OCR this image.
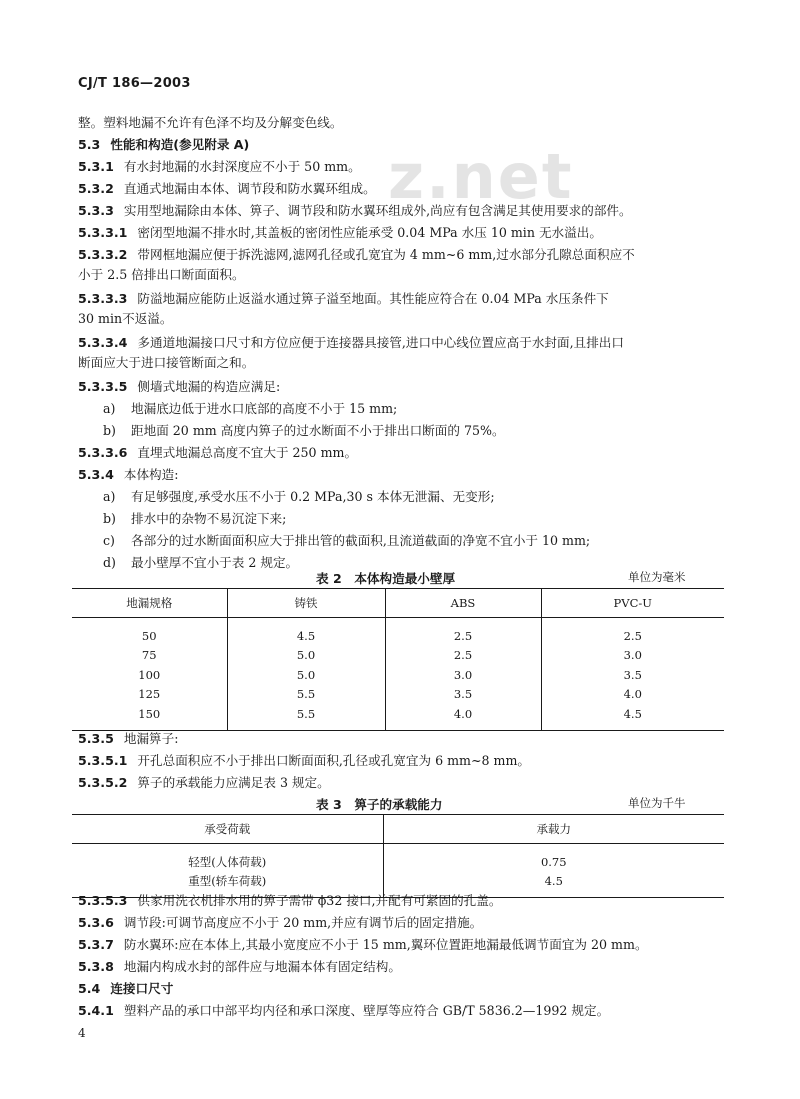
CJ/T 186—2003
z.net
整。塑料地漏不允许有色泽不均及分解变色线。
5.3 性能和构造(参见附录 A)
5.3.1 有水封地漏的水封深度应不小于 50 mm。
5.3.2 直通式地漏由本体、调节段和防水翼环组成。
5.3.3 实用型地漏除由本体、箅子、调节段和防水翼环组成外,尚应有包含满足其使用要求的部件。
5.3.3.1 密闭型地漏不排水时,其盖板的密闭性应能承受 0.04 MPa 水压 10 min 无水溢出。
5.3.3.2 带网框地漏应便于拆洗滤网,滤网孔径或孔宽宜为 4 mm~6 mm,过水部分孔隙总面积应不
小于 2.5 倍排出口断面面积。
5.3.3.3 防溢地漏应能防止返溢水通过箅子溢至地面。其性能应符合在 0.04 MPa 水压条件下
30 min不返溢。
5.3.3.4 多通道地漏接口尺寸和方位应便于连接器具接管,进口中心线位置应高于水封面,且排出口
断面应大于进口接管断面之和。
5.3.3.5 侧墙式地漏的构造应满足:
a) 地漏底边低于进水口底部的高度不小于 15 mm;
b) 距地面 20 mm 高度内箅子的过水断面不小于排出口断面的 75%。
5.3.3.6 直埋式地漏总高度不宜大于 250 mm。
5.3.4 本体构造:
a) 有足够强度,承受水压不小于 0.2 MPa,30 s 本体无泄漏、无变形;
b) 排水中的杂物不易沉淀下来;
c) 各部分的过水断面面积应大于排出管的截面积,且流道截面的净宽不宜小于 10 mm;
d) 最小壁厚不宜小于表 2 规定。
表 2　本体构造最小壁厚	单位为毫米
地漏规格	铸铁	ABS	PVC-U
50	4.5	2.5	2.5
75	5.0	2.5	3.0
100	5.0	3.0	3.5
125	5.5	3.5	4.0
150	5.5	4.0	4.5
5.3.5 地漏箅子:
5.3.5.1 开孔总面积应不小于排出口断面面积,孔径或孔宽宜为 6 mm~8 mm。
5.3.5.2 箅子的承载能力应满足表 3 规定。
表 3　箅子的承载能力	单位为千牛
承受荷载	承载力
轻型(人体荷载)	0.75
重型(轿车荷载)	4.5
5.3.5.3 供家用洗衣机排水用的箅子需带 ϕ32 接口,并配有可紧固的孔盖。
5.3.6 调节段:可调节高度应不小于 20 mm,并应有调节后的固定措施。
5.3.7 防水翼环:应在本体上,其最小宽度应不小于 15 mm,翼环位置距地漏最低调节面宜为 20 mm。
5.3.8 地漏内构成水封的部件应与地漏本体有固定结构。
5.4 连接口尺寸
5.4.1 塑料产品的承口中部平均内径和承口深度、壁厚等应符合 GB/T 5836.2—1992 规定。
4
